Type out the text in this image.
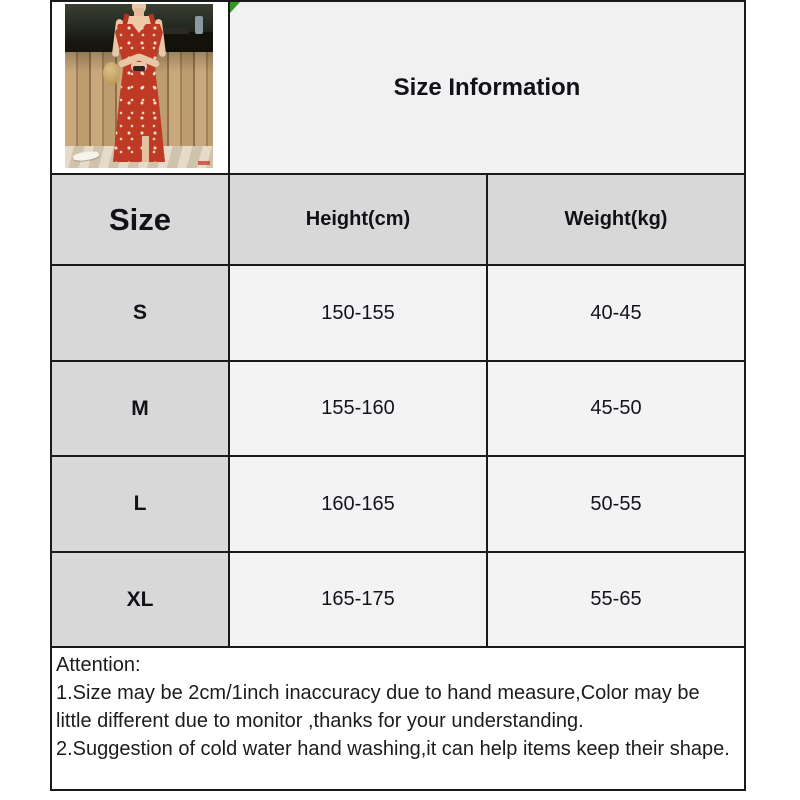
Size Information
Size	Height(cm)	Weight(kg)
S	150-155	40-45
M	155-160	45-50
L	160-165	50-55
XL	165-175	55-65
Attention:
1.Size may be 2cm/1inch inaccuracy due to hand measure,Color may be little different due to monitor ,thanks for your understanding.
2.Suggestion of cold water hand washing,it can help items keep their shape.
